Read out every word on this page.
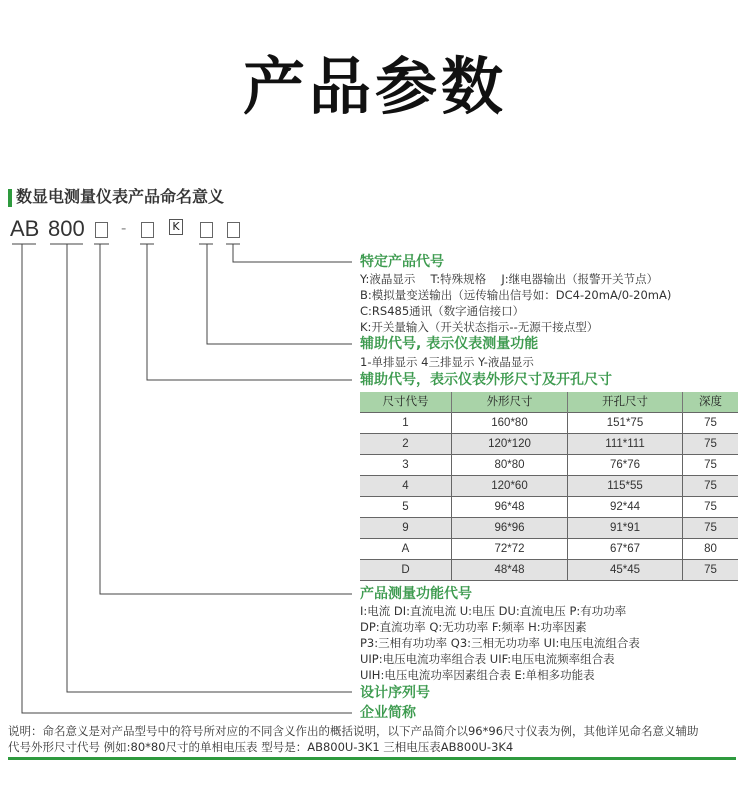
产品参数
数显电测量仪表产品命名意义
AB 800 -	K
特定产品代号
Y:液晶显示　 T:特殊规格　 J:继电器输出（报警开关节点）
B:模拟量变送输出（远传输出信号如：DC4-20mA/0-20mA)
C:RS485通讯（数字通信接口）
K:开关量输入（开关状态指示--无源干接点型）
辅助代号, 表示仪表测量功能
1-单排显示 4三排显示 Y-液晶显示
辅助代号，表示仪表外形尺寸及开孔尺寸
尺寸代号	外形尺寸	开孔尺寸	深度
1	160*80	151*75	75
2	120*120	111*111	75
3	80*80	76*76	75
4	120*60	115*55	75
5	96*48	92*44	75
9	96*96	91*91	75
A	72*72	67*67	80
D	48*48	45*45	75
产品测量功能代号
I:电流 DI:直流电流 U:电压 DU:直流电压 P:有功功率
DP:直流功率 Q:无功功率 F:频率 H:功率因素
P3:三相有功功率 Q3:三相无功功率 UI:电压电流组合表
UIP:电压电流功率组合表 UIF:电压电流频率组合表
UIH:电压电流功率因素组合表 E:单相多功能表
设计序列号
企业简称
说明：命名意义是对产品型号中的符号所对应的不同含义作出的概括说明，以下产品简介以96*96尺寸仪表为例，其他详见命名意义辅助
代号外形尺寸代号 例如:80*80尺寸的单相电压表 型号是：AB800U-3K1 三相电压表AB800U-3K4
